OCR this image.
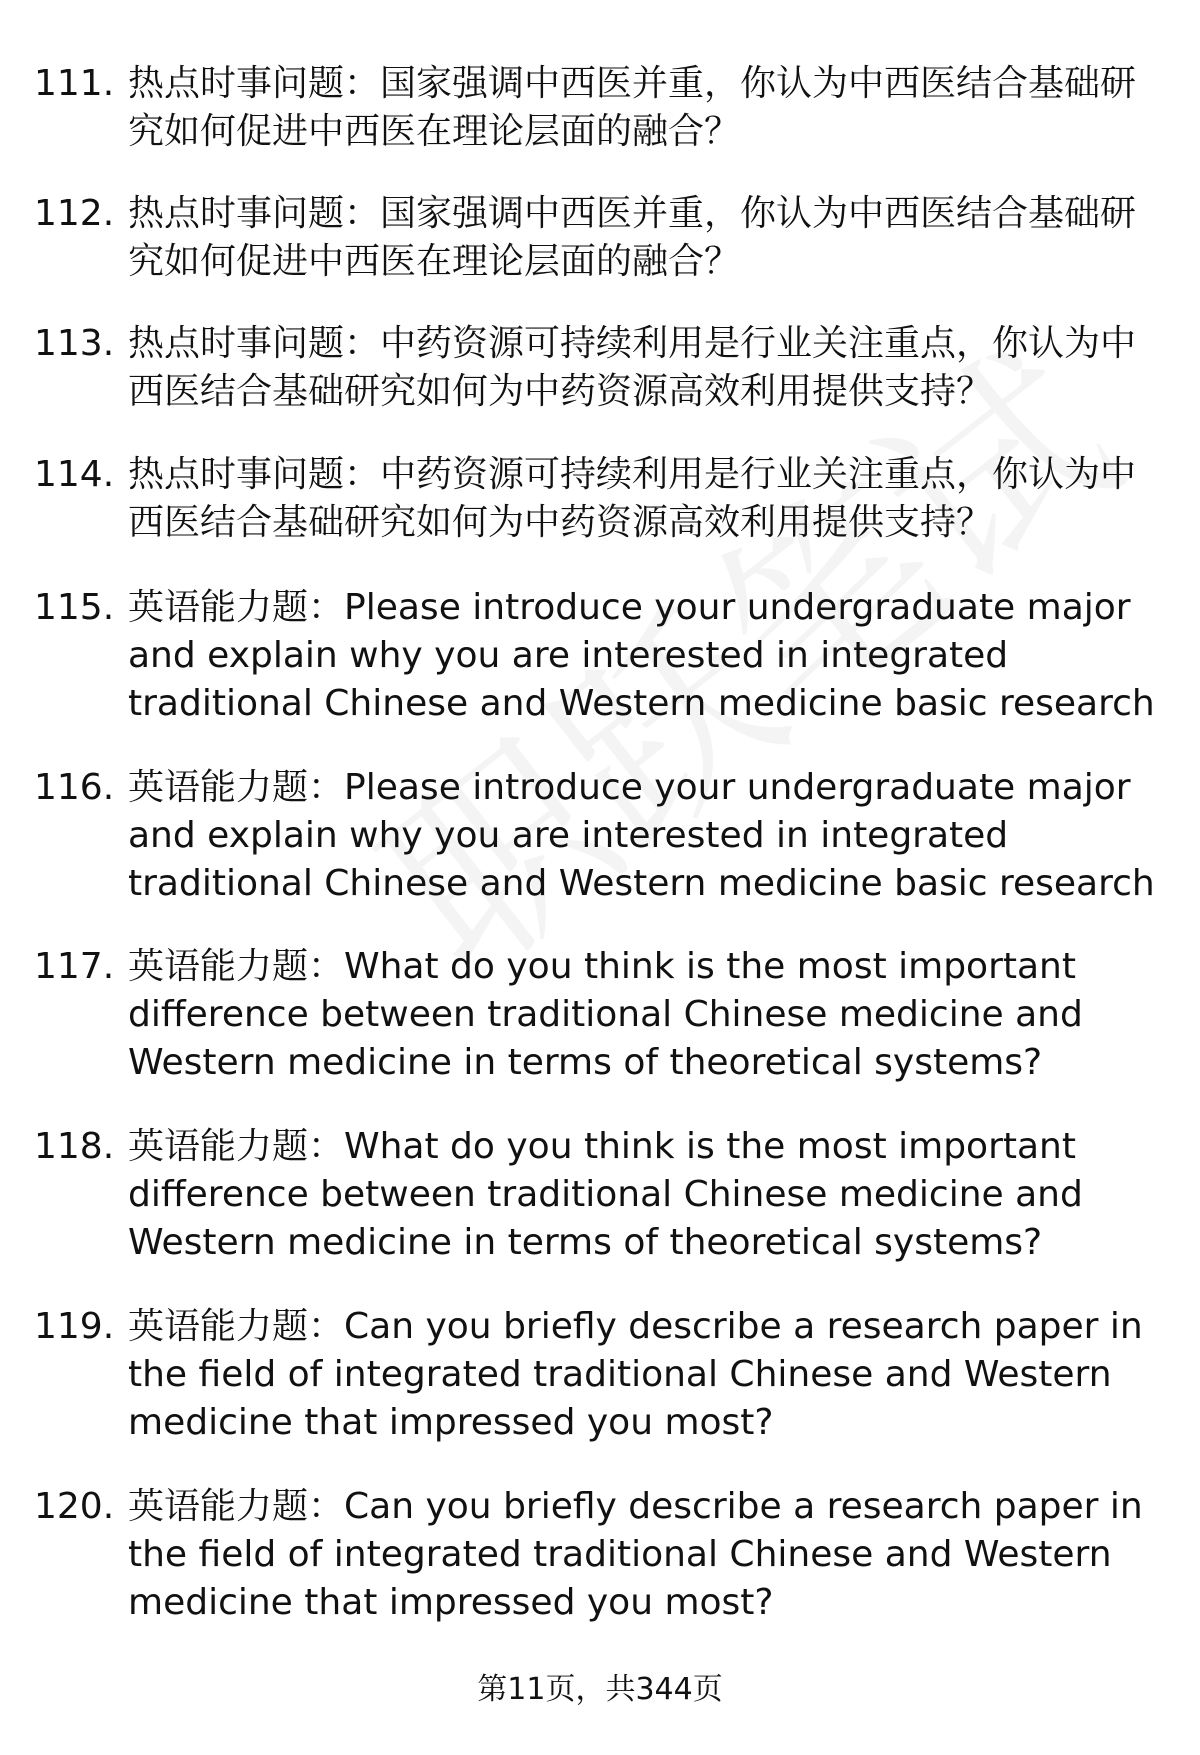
111. 热点时事问题：国家强调中西医并重，你认为中西医结合基础研究如何促进中西医在理论层面的融合？
112. 热点时事问题：国家强调中西医并重，你认为中西医结合基础研究如何促进中西医在理论层面的融合？
113. 热点时事问题：中药资源可持续利用是行业关注重点，你认为中西医结合基础研究如何为中药资源高效利用提供支持？
114. 热点时事问题：中药资源可持续利用是行业关注重点，你认为中西医结合基础研究如何为中药资源高效利用提供支持？
115. 英语能力题：Please introduce your undergraduate major and explain why you are interested in integrated traditional Chinese and Western medicine basic research
116. 英语能力题：Please introduce your undergraduate major and explain why you are interested in integrated traditional Chinese and Western medicine basic research
117. 英语能力题：What do you think is the most important difference between traditional Chinese medicine and Western medicine in terms of theoretical systems?
118. 英语能力题：What do you think is the most important difference between traditional Chinese medicine and Western medicine in terms of theoretical systems?
119. 英语能力题：Can you briefly describe a research paper in the field of integrated traditional Chinese and Western medicine that impressed you most?
120. 英语能力题：Can you briefly describe a research paper in the field of integrated traditional Chinese and Western medicine that impressed you most?
第11页，共344页
